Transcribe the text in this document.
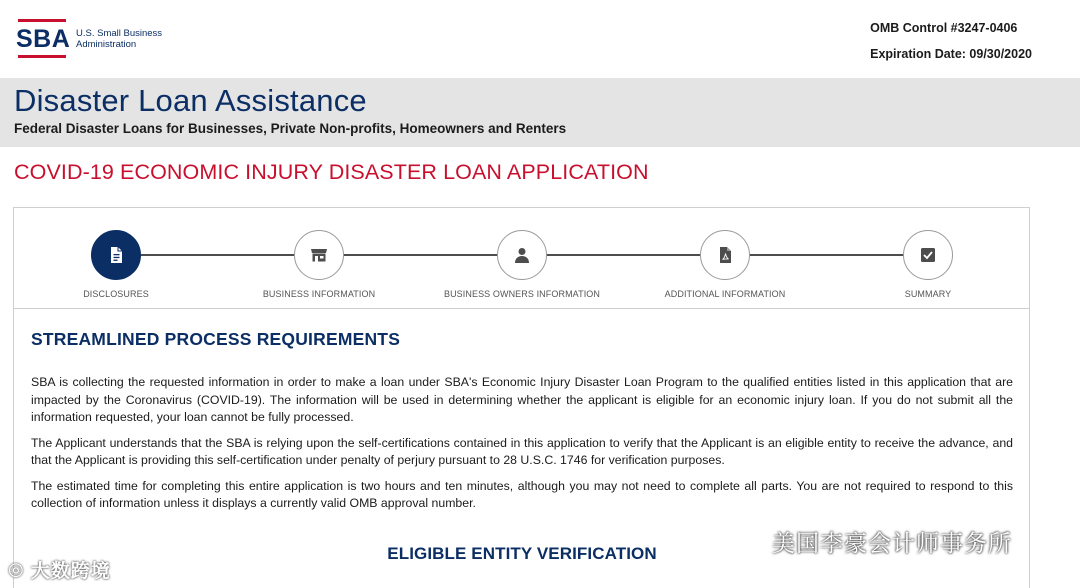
SBA U.S. Small Business
Administration
OMB Control #3247-0406
Expiration Date: 09/30/2020
Disaster Loan Assistance
Federal Disaster Loans for Businesses, Private Non-profits, Homeowners and Renters
COVID-19 ECONOMIC INJURY DISASTER LOAN APPLICATION
DISCLOSURES	BUSINESS INFORMATION	BUSINESS OWNERS INFORMATION	ADDITIONAL INFORMATION	SUMMARY
STREAMLINED PROCESS REQUIREMENTS

SBA is collecting the requested information in order to make a loan under SBA's Economic Injury Disaster Loan Program to the qualified entities listed in this application that are impacted by the Coronavirus (COVID-19). The information will be used in determining whether the applicant is eligible for an economic injury loan. If you do not submit all the information requested, your loan cannot be fully processed.

The Applicant understands that the SBA is relying upon the self-certifications contained in this application to verify that the Applicant is an eligible entity to receive the advance, and that the Applicant is providing this self-certification under penalty of perjury pursuant to 28 U.S.C. 1746 for verification purposes.

The estimated time for completing this entire application is two hours and ten minutes, although you may not need to complete all parts. You are not required to respond to this collection of information unless it displays a currently valid OMB approval number.

ELIGIBLE ENTITY VERIFICATION
◎ 大数跨境
美国李豪会计师事务所
